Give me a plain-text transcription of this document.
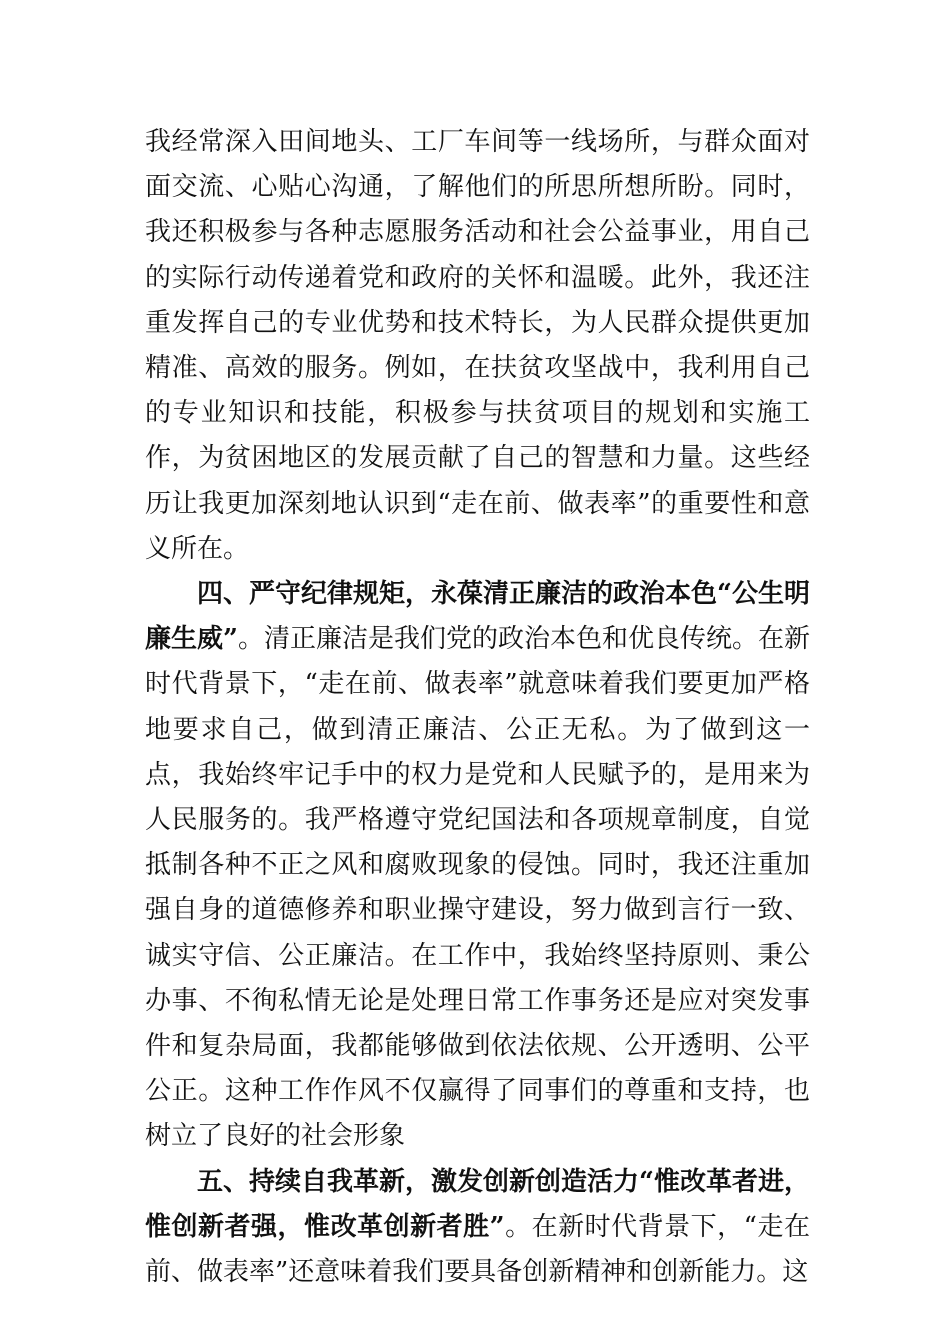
我经常深入田间地头、工厂车间等一线场所，与群众面对面交流、心贴心沟通，了解他们的所思所想所盼。同时，我还积极参与各种志愿服务活动和社会公益事业，用自己的实际行动传递着党和政府的关怀和温暖。此外，我还注重发挥自己的专业优势和技术特长，为人民群众提供更加精准、高效的服务。例如，在扶贫攻坚战中，我利用自己的专业知识和技能，积极参与扶贫项目的规划和实施工作，为贫困地区的发展贡献了自己的智慧和力量。这些经历让我更加深刻地认识到“走在前、做表率”的重要性和意义所在。

四、严守纪律规矩，永葆清正廉洁的政治本色“公生明廉生威”。清正廉洁是我们党的政治本色和优良传统。在新时代背景下，“走在前、做表率”就意味着我们要更加严格地要求自己，做到清正廉洁、公正无私。为了做到这一点，我始终牢记手中的权力是党和人民赋予的，是用来为人民服务的。我严格遵守党纪国法和各项规章制度，自觉抵制各种不正之风和腐败现象的侵蚀。同时，我还注重加强自身的道德修养和职业操守建设，努力做到言行一致、诚实守信、公正廉洁。在工作中，我始终坚持原则、秉公办事、不徇私情无论是处理日常工作事务还是应对突发事件和复杂局面，我都能够做到依法依规、公开透明、公平公正。这种工作作风不仅赢得了同事们的尊重和支持，也树立了良好的社会形象

五、持续自我革新，激发创新创造活力“惟改革者进，惟创新者强，惟改革创新者胜”。在新时代背景下，“走在前、做表率”还意味着我们要具备创新精神和创新能力。这
